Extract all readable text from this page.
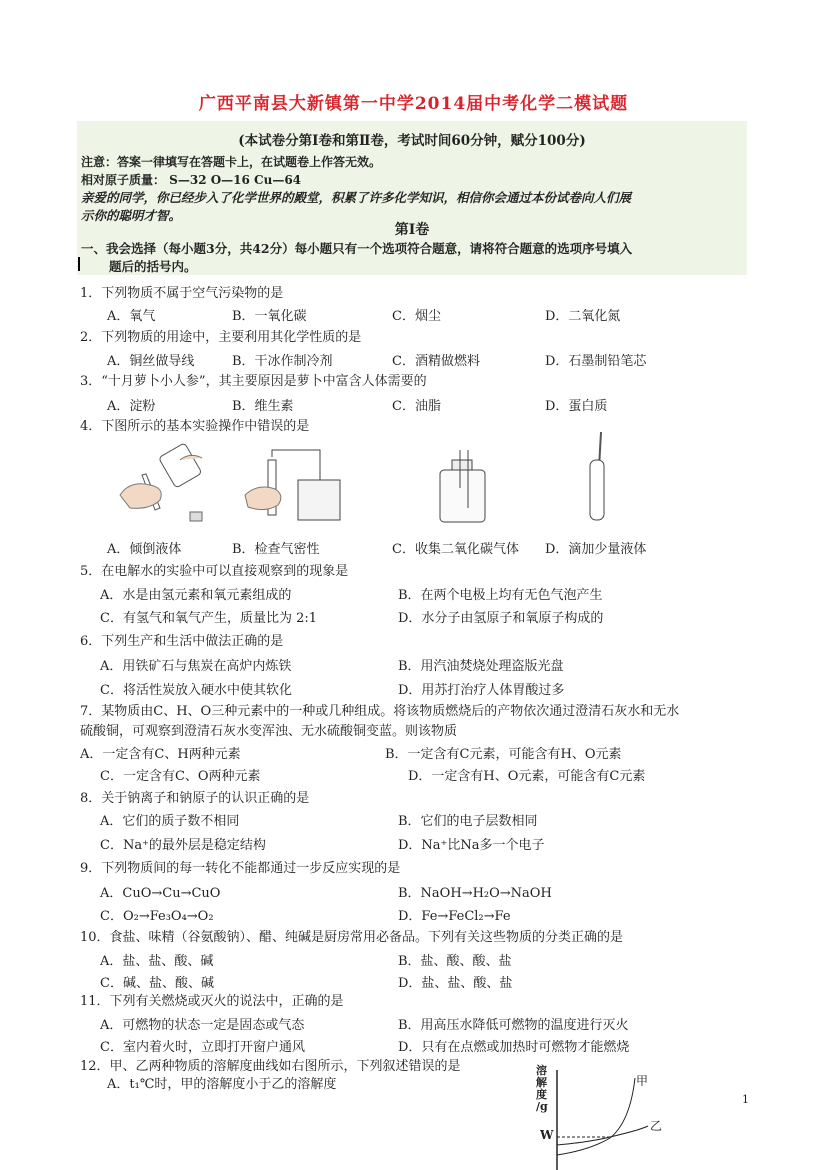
广西平南县大新镇第一中学2014届中考化学二模试题
(本试卷分第Ⅰ卷和第Ⅱ卷，考试时间60分钟，赋分100分)
注意：答案一律填写在答题卡上，在试题卷上作答无效。
相对原子质量： S—32 O—16 Cu—64
亲爱的同学，你已经步入了化学世界的殿堂，积累了许多化学知识，相信你会通过本份试卷向人们展
示你的聪明才智。
第Ⅰ卷
一、我会选择（每小题3分，共42分）每小题只有一个选项符合题意，请将符合题意的选项序号填入
题后的括号内。
1．下列物质不属于空气污染物的是
A．氧气	B．一氧化碳	C．烟尘	D．二氧化氮
2．下列物质的用途中，主要利用其化学性质的是
A．铜丝做导线	B．干冰作制冷剂	C．酒精做燃料	D．石墨制铅笔芯
3．“十月萝卜小人参”，其主要原因是萝卜中富含人体需要的
A．淀粉	B．维生素	C．油脂	D．蛋白质
4．下图所示的基本实验操作中错误的是
A．倾倒液体	B．检查气密性	C．收集二氧化碳气体 D．滴加少量液体
5．在电解水的实验中可以直接观察到的现象是
A．水是由氢元素和氧元素组成的	B．在两个电极上均有无色气泡产生
C．有氢气和氧气产生，质量比为 2:1	D．水分子由氢原子和氧原子构成的
6．下列生产和生活中做法正确的是
A．用铁矿石与焦炭在高炉内炼铁	B．用汽油焚烧处理盗版光盘
C．将活性炭放入硬水中使其软化	D．用苏打治疗人体胃酸过多
7．某物质由C、H、O三种元素中的一种或几种组成。将该物质燃烧后的产物依次通过澄清石灰水和无水
硫酸铜，可观察到澄清石灰水变浑浊、无水硫酸铜变蓝。则该物质
A．一定含有C、H两种元素	B．一定含有C元素，可能含有H、O元素
C．一定含有C、O两种元素	D．一定含有H、O元素，可能含有C元素
8．关于钠离子和钠原子的认识正确的是
A．它们的质子数不相同	B．它们的电子层数相同
C．Na⁺的最外层是稳定结构	D．Na⁺比Na多一个电子
9．下列物质间的每一转化不能都通过一步反应实现的是
A．CuO→Cu→CuO	B．NaOH→H₂O→NaOH
C．O₂→Fe₃O₄→O₂	D．Fe→FeCl₂→Fe
10．食盐、味精（谷氨酸钠）、醋、纯碱是厨房常用必备品。下列有关这些物质的分类正确的是
A．盐、盐、酸、碱	B．盐、酸、酸、盐
C．碱、盐、酸、碱	D．盐、盐、酸、盐
11．下列有关燃烧或灭火的说法中，正确的是
A．可燃物的状态一定是固态或气态	B．用高压水降低可燃物的温度进行灭火
C．室内着火时，立即打开窗户通风	D．只有在点燃或加热时可燃物才能燃烧
12．甲、乙两种物质的溶解度曲线如右图所示，下列叙述错误的是
A．t₁℃时，甲的溶解度小于乙的溶解度
溶
解
度
/g
W
甲
乙
1
